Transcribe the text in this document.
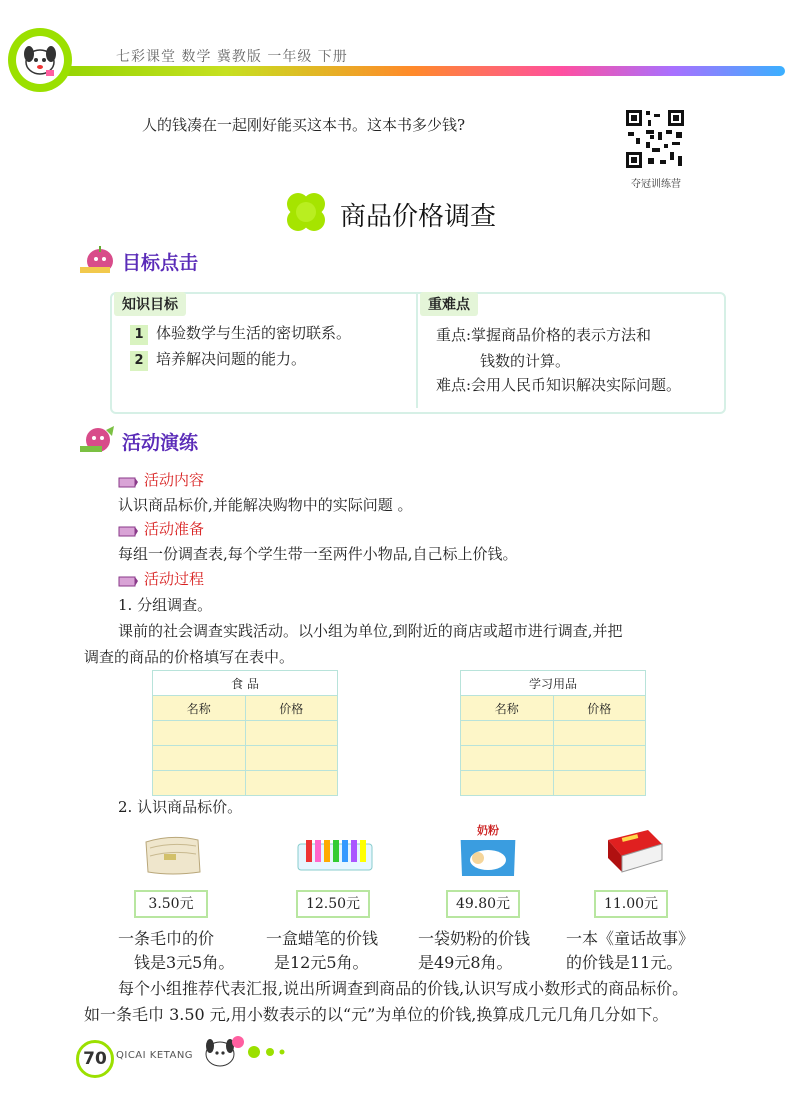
七彩课堂 数学 冀教版 一年级 下册
人的钱凑在一起刚好能买这本书。这本书多少钱?
夺冠训练营
商品价格调查
目标点击
知识目标	重难点
1 体验数学与生活的密切联系。
2 培养解决问题的能力。
重点:掌握商品价格的表示方法和
钱数的计算。
难点:会用人民币知识解决实际问题。
活动演练
活动内容
认识商品标价,并能解决购物中的实际问题 。
活动准备
每组一份调查表,每个学生带一至两件小物品,自己标上价钱。
活动过程
1. 分组调查。
课前的社会调查实践活动。以小组为单位,到附近的商店或超市进行调查,并把
调查的商品的价格填写在表中。
食 品	
名称	价格

学习用品	
名称	价格

2. 认识商品标价。
奶粉
3.50元	12.50元	49.80元	11.00元
一条毛巾的价
钱是3元5角。
一盒蜡笔的价钱
是12元5角。
一袋奶粉的价钱
是49元8角。
一本《童话故事》
的价钱是11元。
每个小组推荐代表汇报,说出所调查到商品的价钱,认识写成小数形式的商品标价。
如一条毛巾 3.50 元,用小数表示的以“元”为单位的价钱,换算成几元几角几分如下。
70 QICAI KETANG
